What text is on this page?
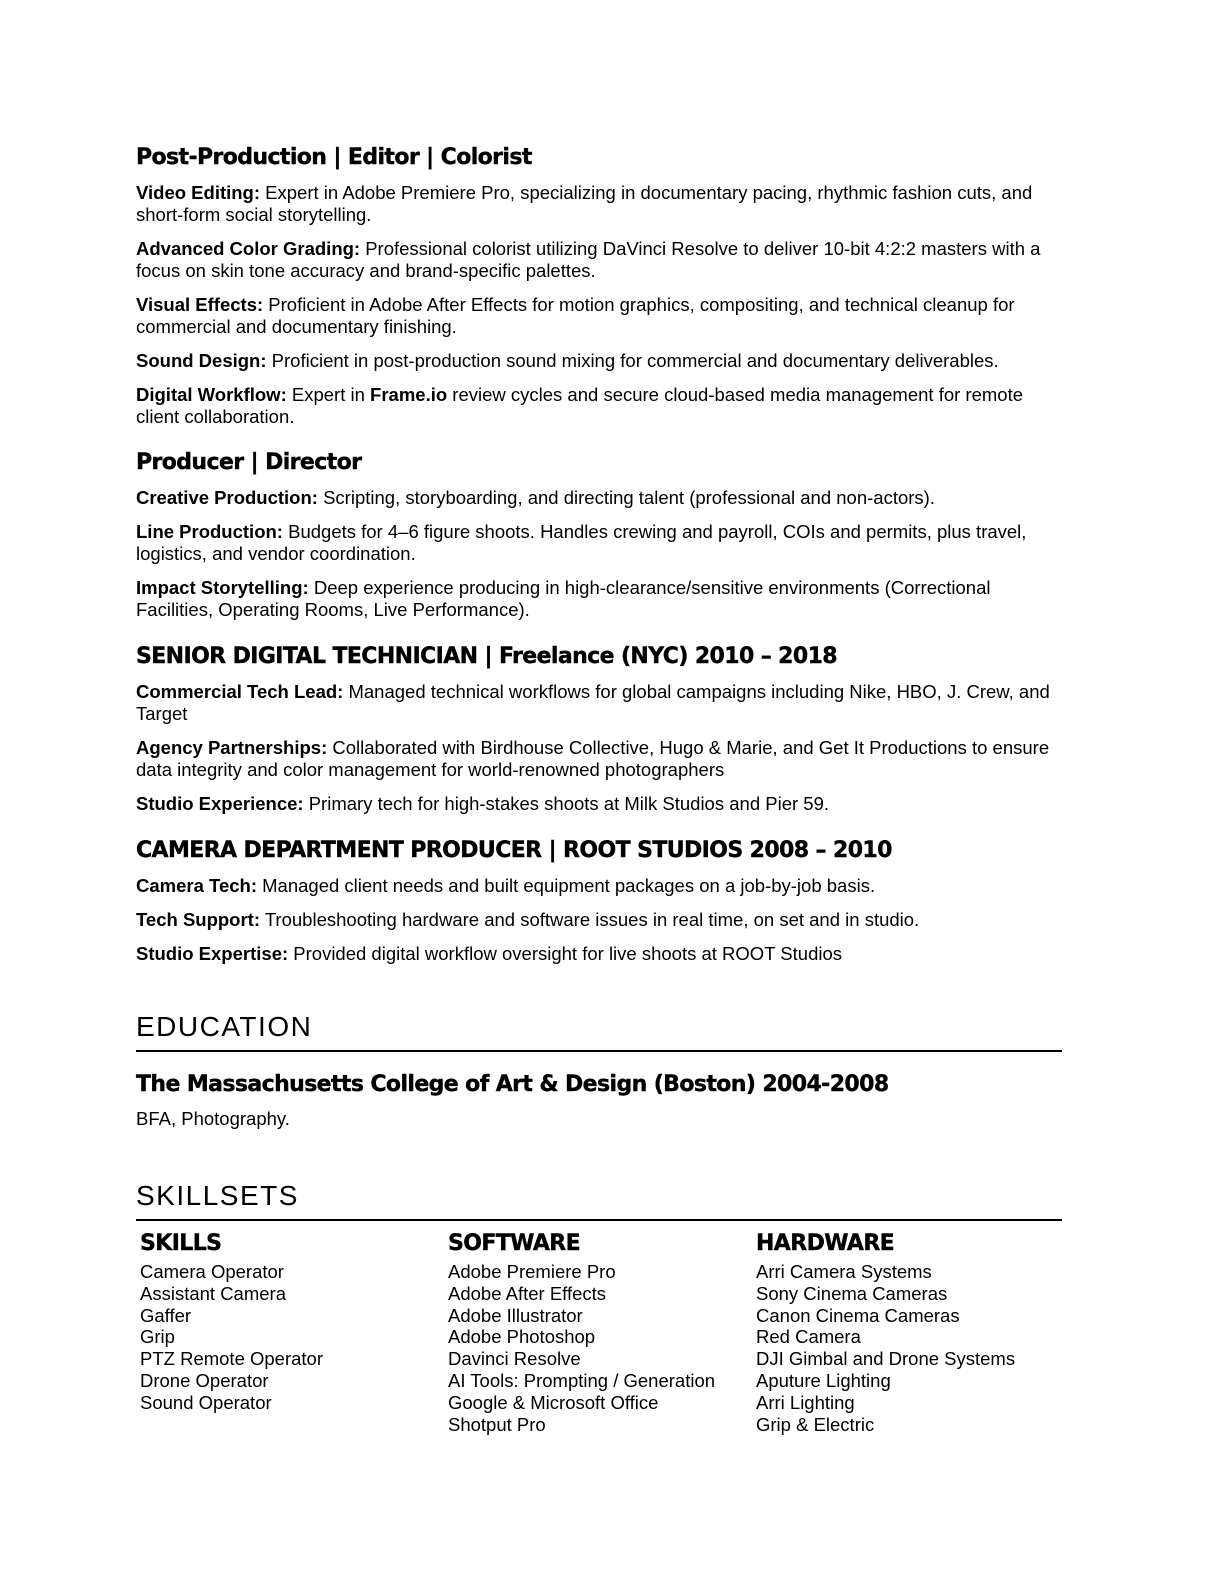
Post-Production | Editor | Colorist

Video Editing: Expert in Adobe Premiere Pro, specializing in documentary pacing, rhythmic fashion cuts, and short-form social storytelling.

Advanced Color Grading: Professional colorist utilizing DaVinci Resolve to deliver 10-bit 4:2:2 masters with a focus on skin tone accuracy and brand-specific palettes.

Visual Effects: Proficient in Adobe After Effects for motion graphics, compositing, and technical cleanup for commercial and documentary finishing.

Sound Design: Proficient in post-production sound mixing for commercial and documentary deliverables.

Digital Workflow: Expert in Frame.io review cycles and secure cloud-based media management for remote client collaboration.

Producer | Director

Creative Production: Scripting, storyboarding, and directing talent (professional and non-actors).

Line Production: Budgets for 4–6 figure shoots. Handles crewing and payroll, COIs and permits, plus travel, logistics, and vendor coordination.

Impact Storytelling: Deep experience producing in high-clearance/sensitive environments (Correctional Facilities, Operating Rooms, Live Performance).

SENIOR DIGITAL TECHNICIAN | Freelance (NYC) 2010 – 2018

Commercial Tech Lead: Managed technical workflows for global campaigns including Nike, HBO, J. Crew, and Target

Agency Partnerships: Collaborated with Birdhouse Collective, Hugo & Marie, and Get It Productions to ensure data integrity and color management for world-renowned photographers

Studio Experience: Primary tech for high-stakes shoots at Milk Studios and Pier 59.

CAMERA DEPARTMENT PRODUCER | ROOT STUDIOS 2008 – 2010

Camera Tech: Managed client needs and built equipment packages on a job-by-job basis.

Tech Support: Troubleshooting hardware and software issues in real time, on set and in studio.

Studio Expertise: Provided digital workflow oversight for live shoots at ROOT Studios

EDUCATION
The Massachusetts College of Art & Design (Boston) 2004-2008

BFA, Photography.

SKILLSETS
SKILLS
Camera Operator
Assistant Camera
Gaffer
Grip
PTZ Remote Operator
Drone Operator
Sound Operator
SOFTWARE
Adobe Premiere Pro
Adobe After Effects
Adobe Illustrator
Adobe Photoshop
Davinci Resolve
AI Tools: Prompting / Generation
Google & Microsoft Office
Shotput Pro
HARDWARE
Arri Camera Systems
Sony Cinema Cameras
Canon Cinema Cameras
Red Camera
DJI Gimbal and Drone Systems
Aputure Lighting
Arri Lighting
Grip & Electric
